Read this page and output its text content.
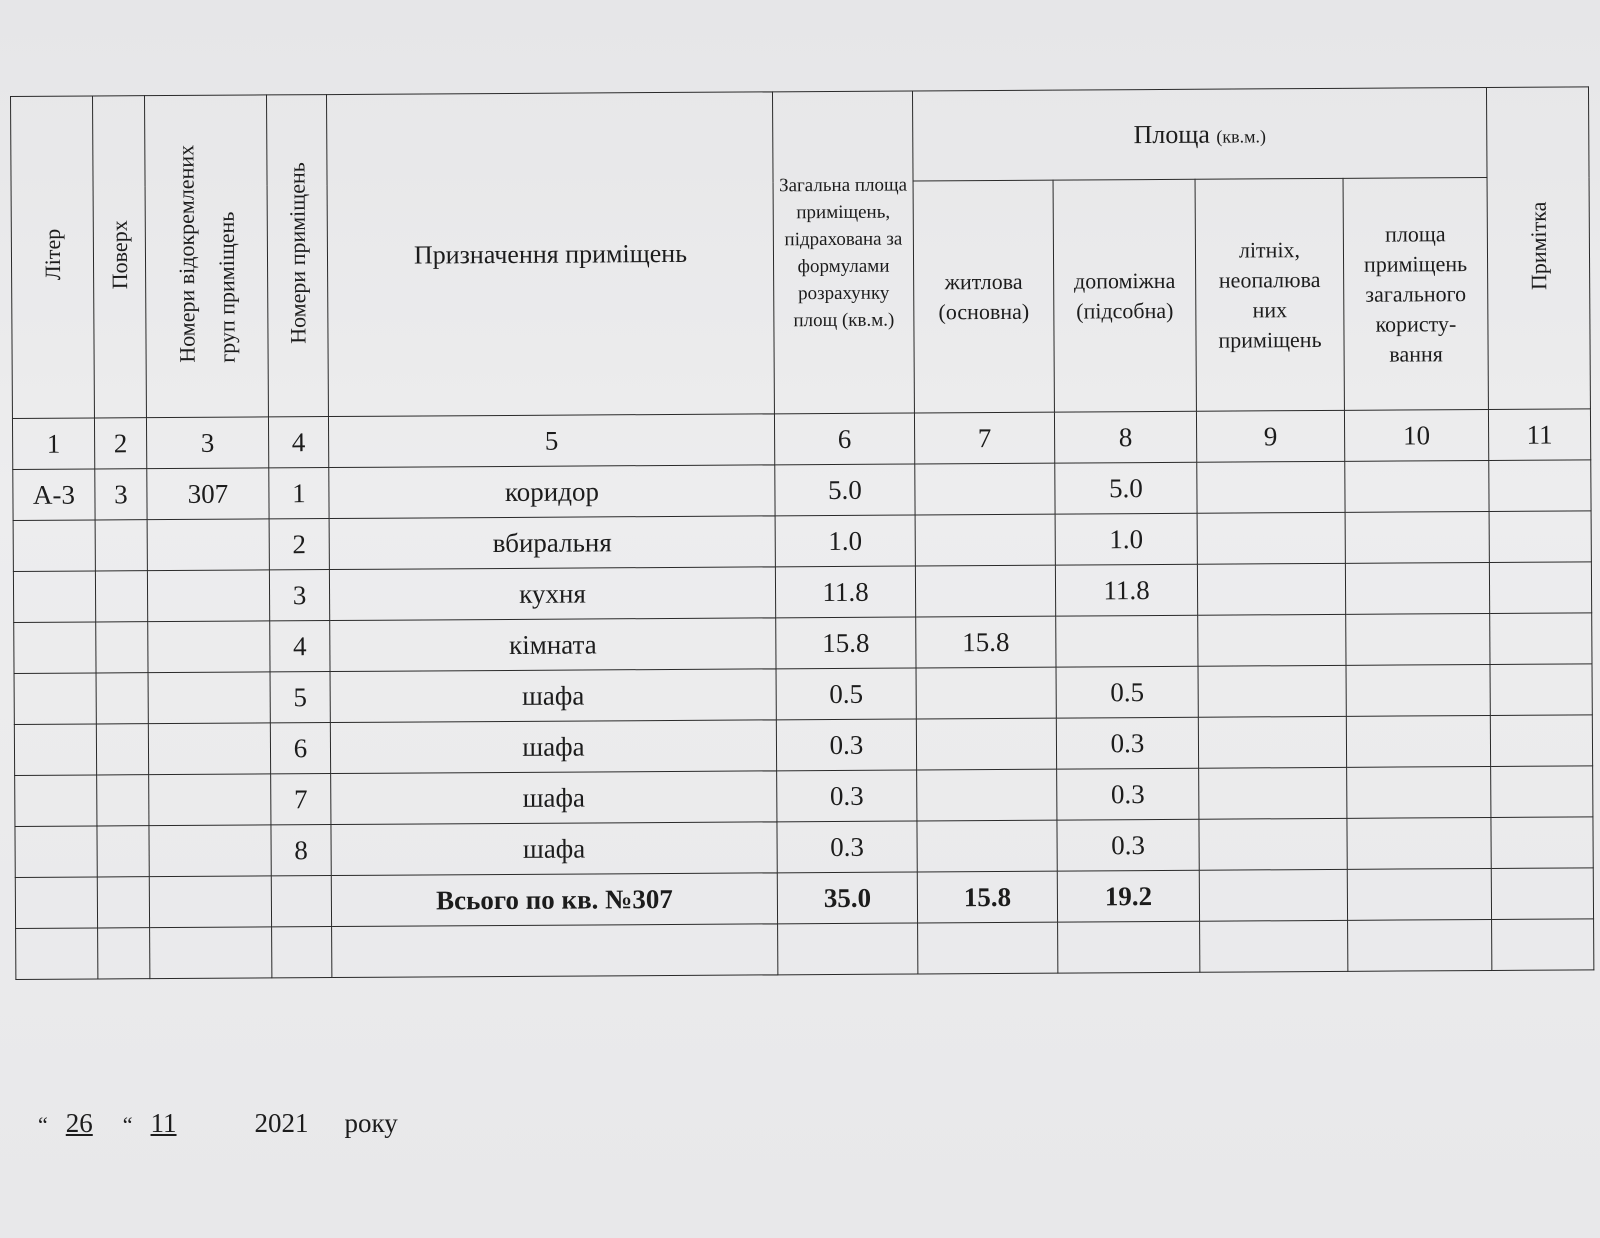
Літер	Поверх	Номери відокремлених груп приміщень	Номери приміщень	Призначення приміщень	Загальна площа приміщень, підрахована за формулами розрахунку площ (кв.м.)	Площа (кв.м.)				Примітка
						житлова (основна)	допоміжна (підсобна)	літніх, неопалюва них приміщень	площа приміщень загального користу- вання	
1	2	3	4	5	6	7	8	9	10	11
А-3	3	307	1	коридор	5.0		5.0			
			2	вбиральня	1.0		1.0			
			3	кухня	11.8		11.8			
			4	кімната	15.8	15.8				
			5	шафа	0.5		0.5			
			6	шафа	0.3		0.3			
			7	шафа	0.3		0.3			
			8	шафа	0.3		0.3			
				Всього по кв. №307	35.0	15.8	19.2			

“ 26 “ 11	2021 року
